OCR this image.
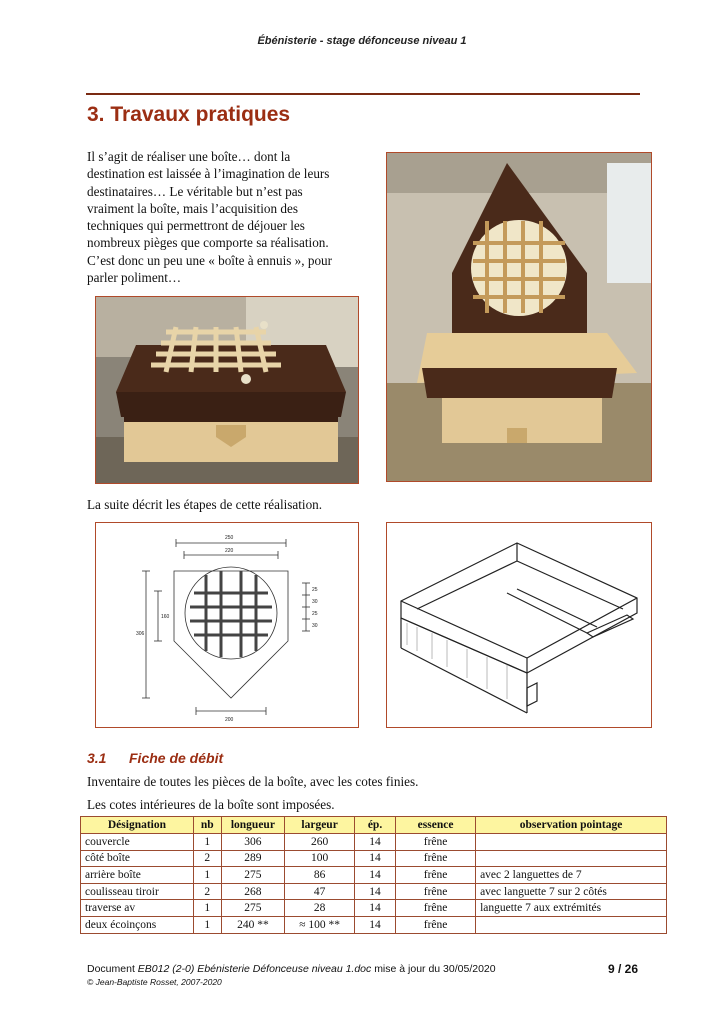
Ébénisterie - stage défonceuse niveau 1
3. Travaux pratiques

Il s’agit de réaliser une boîte… dont la
destination est laissée à l’imagination de leurs
destinataires… Le véritable but n’est pas
vraiment la boîte, mais l’acquisition des
techniques qui permettront de déjouer les
nombreux pièges que comporte sa réalisation.
C’est donc un peu une « boîte à ennuis », pour
parler poliment…

La suite décrit les étapes de cette réalisation.

250
220
306
160
200
25
30
25
30
3.1 Fiche de débit

Inventaire de toutes les pièces de la boîte, avec les cotes finies.

Les cotes intérieures de la boîte sont imposées.

Désignation	nb	longueur	largeur	ép.	essence	observation pointage
couvercle	1	306	260	14	frêne	
côté boîte	2	289	100	14	frêne	
arrière boîte	1	275	86	14	frêne	avec 2 languettes de 7
coulisseau tiroir	2	268	47	14	frêne	avec languette 7 sur 2 côtés
traverse av	1	275	28	14	frêne	languette 7 aux extrémités
deux écoinçons	1	240 **	≈ 100 **	14	frêne	
Document EB012 (2-0) Ebénisterie Défonceuse niveau 1.doc mise à jour du 30/05/2020
© Jean-Baptiste Rosset, 2007-2020
9 / 26
